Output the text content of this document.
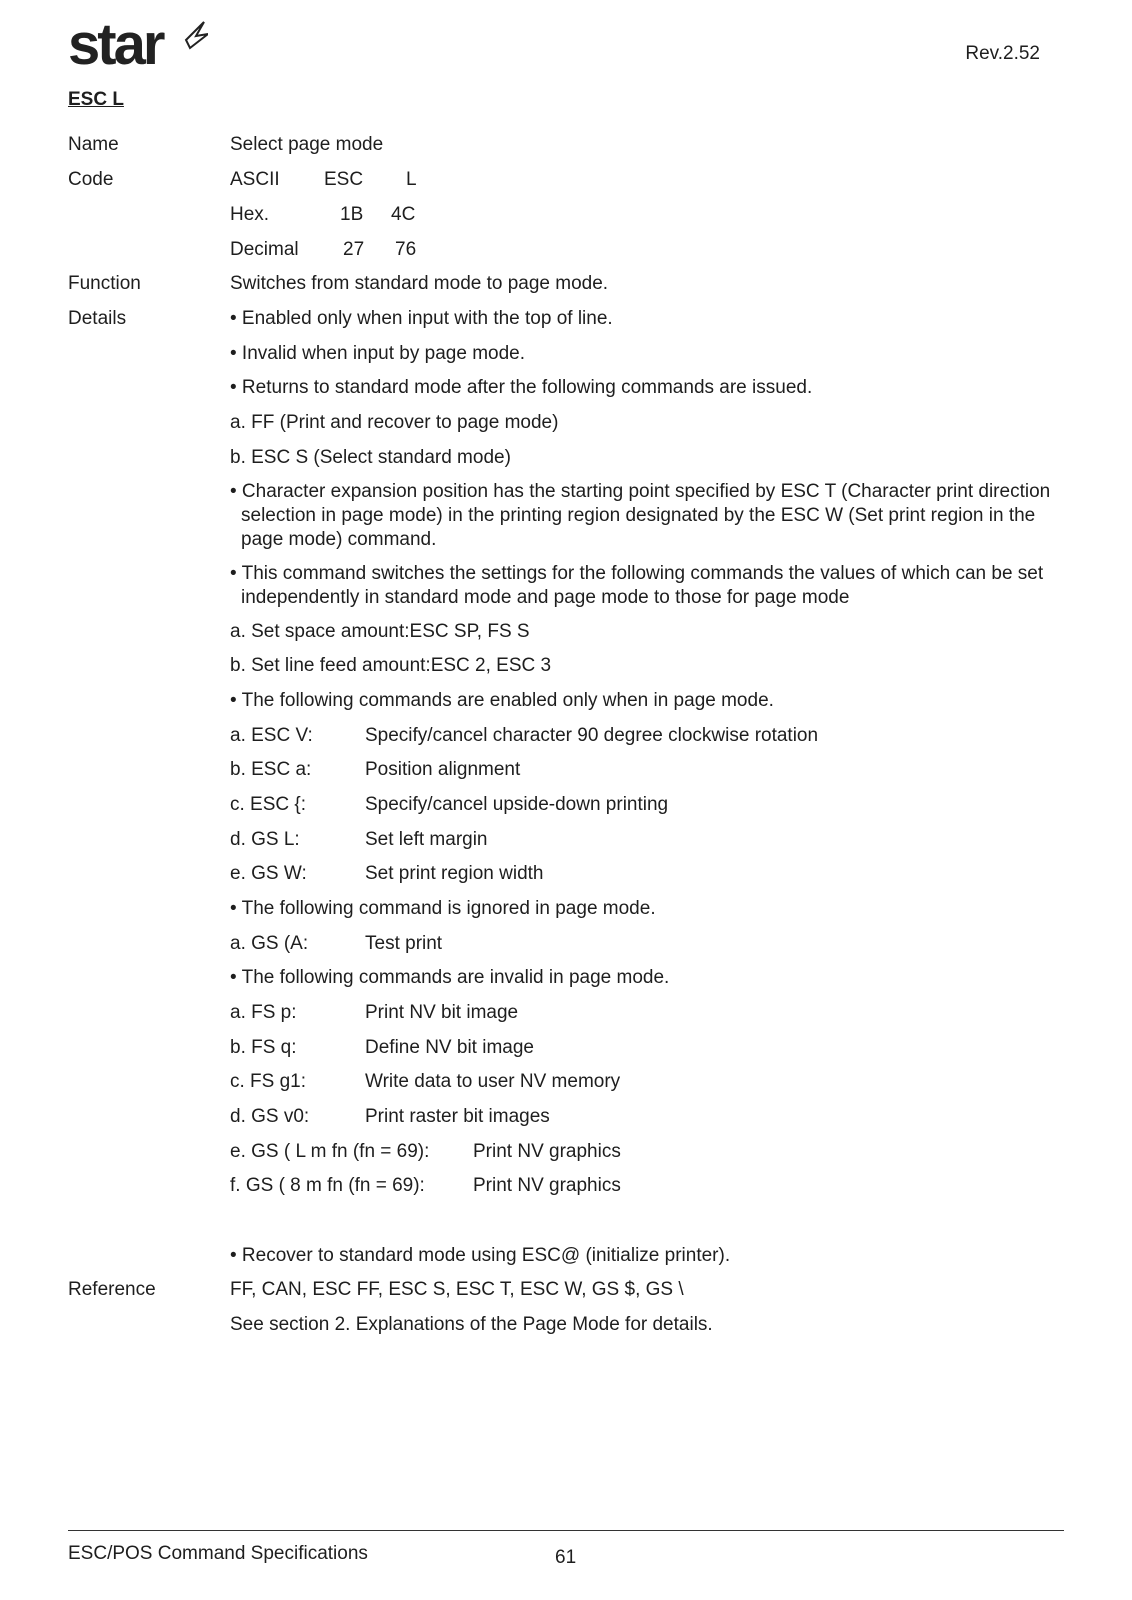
star	Rev.2.52
ESC L
Name	Select page mode
Code	ASCII ESC L
Hex.	1B 4C
Decimal 27 76
Function	Switches from standard mode to page mode.
Details	• Enabled only when input with the top of line.
• Invalid when input by page mode.
• Returns to standard mode after the following commands are issued.
a. FF (Print and recover to page mode)
b. ESC S (Select standard mode)
• Character expansion position has the starting point specified by ESC T (Character print direction selection in page mode) in the printing region designated by the ESC W (Set print region in the page mode) command.
• This command switches the settings for the following commands the values of which can be set independently in standard mode and page mode to those for page mode
a. Set space amount:ESC SP, FS S
b. Set line feed amount:ESC 2, ESC 3
• The following commands are enabled only when in page mode.
a. ESC V:	Specify/cancel character 90 degree clockwise rotation
b. ESC a:	Position alignment
c. ESC {:	Specify/cancel upside-down printing
d. GS L:	Set left margin
e. GS W:	Set print region width
• The following command is ignored in page mode.
a. GS (A:	Test print
• The following commands are invalid in page mode.
a. FS p:	Print NV bit image
b. FS q:	Define NV bit image
c. FS g1:	Write data to user NV memory
d. GS v0:	Print raster bit images
e. GS ( L m fn (fn = 69): Print NV graphics
f. GS ( 8 m fn (fn = 69):	Print NV graphics
• Recover to standard mode using ESC@ (initialize printer).
Reference	FF, CAN, ESC FF, ESC S, ESC T, ESC W, GS $, GS \
See section 2. Explanations of the Page Mode for details.
ESC/POS Command Specifications	61
